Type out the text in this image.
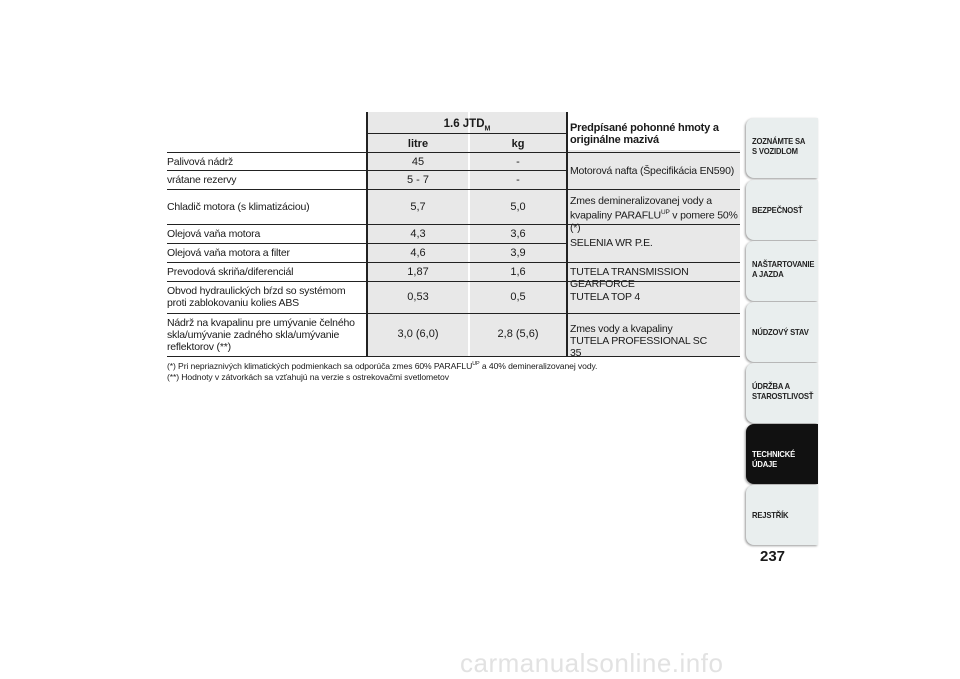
1.6 $JTD_M$
litre	kg
Predpísané pohonné hmoty a originálne mazivá
Palivová nádrž
vrátane rezervy
Chladič motora (s klimatizáciou)
Olejová vaňa motora
Olejová vaňa motora a filter
Prevodová skriňa/diferenciál
Obvod hydraulických bŕzd so systémom proti zablokovaniu kolies ABS
Nádrž na kvapalinu pre umývanie čelného skla/umývanie zadného skla/umývanie reflektorov (**)
45
5 - 7
5,7
4,3
4,6
1,87
0,53
3,0 (6,0)
-
-
5,0
3,6
3,9
1,6
0,5
2,8 (5,6)
Motorová nafta (Špecifikácia EN590)
Zmes demineralizovanej vody a kvapaliny $PARAFLU^{UP}$ v pomere 50% (*)
SELENIA WR P.E.
TUTELA TRANSMISSION GEARFORCE
TUTELA TOP 4
Zmes vody a kvapaliny TUTELA PROFESSIONAL SC 35
(*) Pri nepriaznivých klimatických podmienkach sa odporúča zmes 60% $PARAFLU^{UP}$ a 40% demineralizovanej vody.
(**) Hodnoty v zátvorkách sa vzťahujú na verzie s ostrekovačmi svetlometov
ZOZNÁMTE SA S VOZIDLOM
BEZPEČNOSŤ
NAŠTARTOVANIE A JAZDA
NÚDZOVÝ STAV
ÚDRŽBA A STAROSTLIVOSŤ
TECHNICKÉ ÚDAJE
REJSTŘÍK
237
carmanualsonline.info
